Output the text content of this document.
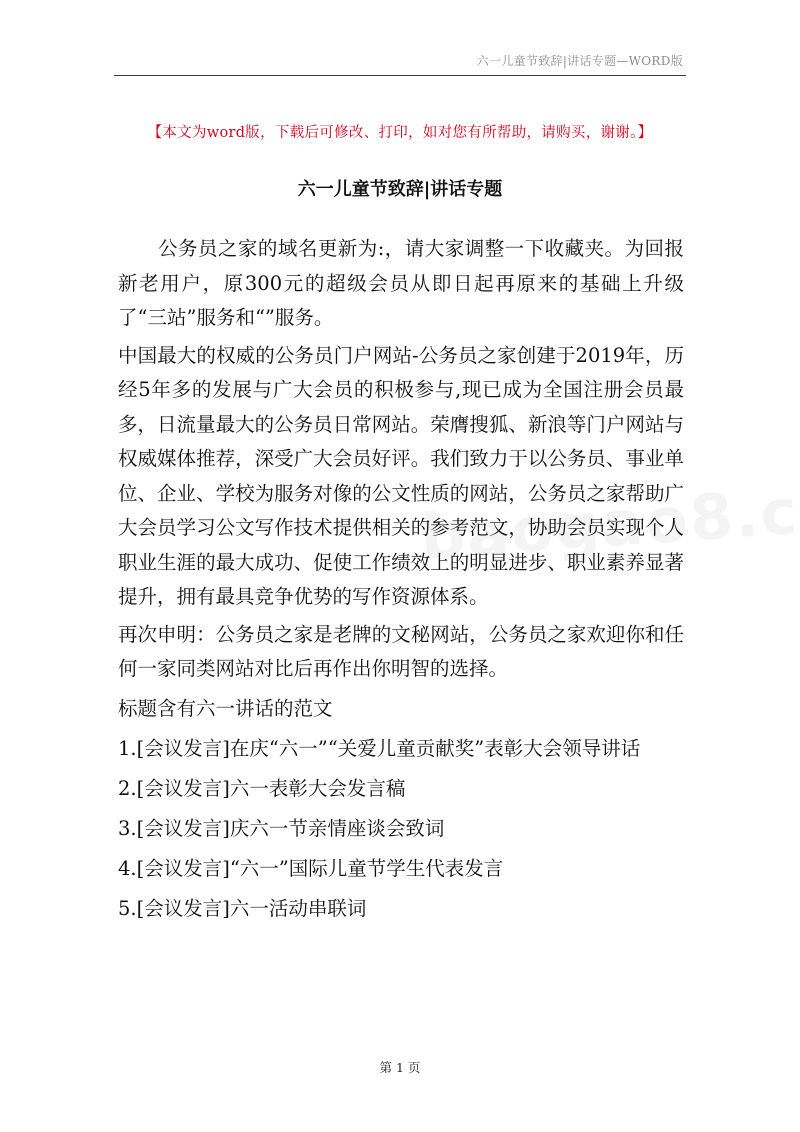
六一儿童节致辞|讲话专题—WORD版
【本文为word版，下载后可修改、打印，如对您有所帮助，请购买，谢谢。】
六一儿童节致辞|讲话专题

公务员之家的域名更新为:，请大家调整一下收藏夹。为回报新老用户，原300元的超级会员从即日起再原来的基础上升级了“三站”服务和“”服务。

中国最大的权威的公务员门户网站-公务员之家创建于2019年，历经5年多的发展与广大会员的积极参与,现已成为全国注册会员最多，日流量最大的公务员日常网站。荣膺搜狐、新浪等门户网站与权威媒体推荐，深受广大会员好评。我们致力于以公务员、事业单位、企业、学校为服务对像的公文性质的网站，公务员之家帮助广大会员学习公文写作技术提供相关的参考范文，协助会员实现个人职业生涯的最大成功、促使工作绩效上的明显进步、职业素养显著提升，拥有最具竞争优势的写作资源体系。

再次申明：公务员之家是老牌的文秘网站，公务员之家欢迎你和任何一家同类网站对比后再作出你明智的选择。

标题含有六一讲话的范文
1.[会议发言]在庆“六一”“关爱儿童贡献奖”表彰大会领导讲话
2.[会议发言]六一表彰大会发言稿
3.[会议发言]庆六一节亲情座谈会致词
4.[会议发言]“六一”国际儿童节学生代表发言
5.[会议发言]六一活动串联词
第 1 页
